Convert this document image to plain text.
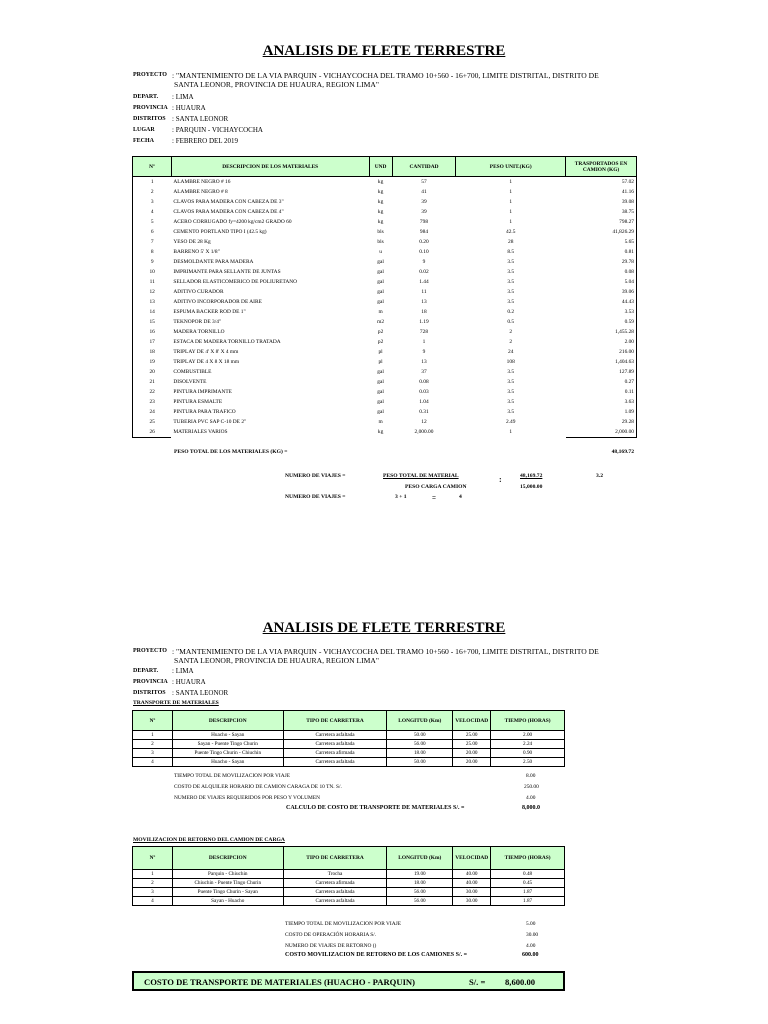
ANALISIS DE FLETE TERRESTRE
PROYECTO : "MANTENIMIENTO DE LA VIA PARQUIN - VICHAYCOCHA DEL TRAMO 10+560 - 16+700, LIMITE DISTRITAL, DISTRITO DE
SANTA LEONOR, PROVINCIA DE HUAURA, REGION LIMA"
DEPART. : LIMA
PROVINCIA : HUAURA
DISTRITOS : SANTA LEONOR
LUGAR : PARQUIN - VICHAYCOCHA
FECHA	: FEBRERO DEL 2019
Nº	DESCRIPCION DE LOS MATERIALES	UND	CANTIDAD	PESO UNIT.(KG)	TRASPORTADOS EN CAMION (KG)
1	ALAMBRE NEGRO # 16	kg	57	1	57.02
2	ALAMBRE NEGRO # 8	kg	41	1	41.16
3	CLAVOS PARA MADERA CON CABEZA DE 3"	kg	39	1	39.08
4	CLAVOS PARA MADERA CON CABEZA DE 4"	kg	39	1	38.75
5	ACERO CORRUGADO fy=4200 kg/cm2 GRADO 60	kg	798	1	798.27
6	CEMENTO PORTLAND TIPO I (42.5 kg)	bls	984	42.5	41,826.29
7	YESO DE 28 Kg	bls	0.20	28	5.65
8	BARRENO 5' X 1/8"	u	0.10	8.5	0.81
9	DESMOLDANTE PARA MADERA	gal	9	3.5	29.78
10	IMPRIMANTE PARA SELLANTE DE JUNTAS	gal	0.02	3.5	0.08
11	SELLADOR ELASTICOMERICO DE POLIURETANO	gal	1.44	3.5	5.04
12	ADITIVO CURADOR	gal	11	3.5	39.06
13	ADITIVO INCORPORADOR DE AIRE	gal	13	3.5	44.43
14	ESPUMA BACKER ROD DE 1"	m	18	0.2	3.53
15	TEKNOPOR DE 3/4"	m2	1.19	0.5	0.59
16	MADERA TORNILLO	p2	728	2	1,455.28
17	ESTACA DE MADERA TORNILLO TRATADA	p2	1	2	2.00
18	TRIPLAY DE 4' X 8' X 4 mm	pl	9	24	216.00
19	TRIPLAY DE 4 X 8 X 18 mm	pl	13	108	1,404.63
20	COMBUSTIBLE	gal	37	3.5	127.89
21	DISOLVENTE	gal	0.08	3.5	0.27
22	PINTURA IMPRIMANTE	gal	0.03	3.5	0.11
23	PINTURA ESMALTE	gal	1.04	3.5	3.63
24	PINTURA PARA TRAFICO	gal	0.31	3.5	1.09
25	TUBERIA PVC SAP C-10 DE 2"	m	12	2.49	29.28
26	MATERIALES VARIOS	kg	2,000.00	1	2,000.00
PESO TOTAL DE LOS MATERIALES (KG) =	48,169.72
NUMERO DE VIAJES =	PESO TOTAL DE MATERIAL	:	48,169.72	3.2
PESO CARGA CAMION	15,000.00
NUMERO DE VIAJES =	3 + 1	=	4
ANALISIS DE FLETE TERRESTRE
PROYECTO : "MANTENIMIENTO DE LA VIA PARQUIN - VICHAYCOCHA DEL TRAMO 10+560 - 16+700, LIMITE DISTRITAL, DISTRITO DE
SANTA LEONOR, PROVINCIA DE HUAURA, REGION LIMA"
DEPART. : LIMA
PROVINCIA : HUAURA
DISTRITOS : SANTA LEONOR
TRANSPORTE DE MATERIALES
Nº	DESCRIPCION	TIPO DE CARRETERA	LONGITUD (Km)	VELOCIDAD	TIEMPO (HORAS)
1	Huacho - Sayan	Carretera asfaltada	50.00	25.00	2.00
2	Sayan - Puente Tingo Churin	Carretera asfaltada	56.00	25.00	2.24
3	Puente Tingo Churin - Chiuchin	Carretera afirmada	18.00	20.00	0.90
4	Huacho - Sayan	Carretera asfaltada	50.00	20.00	2.50
TIEMPO TOTAL DE MOVILIZACION POR VIAJE	8.00
COSTO DE ALQUILER HORARIO DE CAMION CARAGA DE 10 TN. S/.	250.00
NUMERO DE VIAJES REQUERIDOS POR PESO Y VOLUMEN	4.00
CALCULO DE COSTO DE TRANSPORTE DE MATERIALES S/. =	8,000.0
MOVILIZACION DE RETORNO DEL CAMION DE CARGA
Nº	DESCRIPCION	TIPO DE CARRETERA	LONGITUD (Km)	VELOCIDAD	TIEMPO (HORAS)
1	Parquin - Chiuchin	Trocha	19.00	40.00	0.48
2	Chiuchin - Puente Tingo Churin	Carretera afirmada	18.00	40.00	0.45
3	Puente Tingo Churin - Sayan	Carretera asfaltada	56.00	30.00	1.87
4	Sayan - Huacho	Carretera asfaltada	56.00	30.00	1.87
TIEMPO TOTAL DE MOVILIZACION POR VIAJE	5.00
COSTO DE OPERACIÓN HORARIA S/.	30.00
NUMERO DE VIAJES DE RETORNO ()	4.00
COSTO MOVILIZACION DE RETORNO DE LOS CAMIONES S/. =	600.00
COSTO DE TRANSPORTE DE MATERIALES (HUACHO - PARQUIN)	S/. = 8,600.00
